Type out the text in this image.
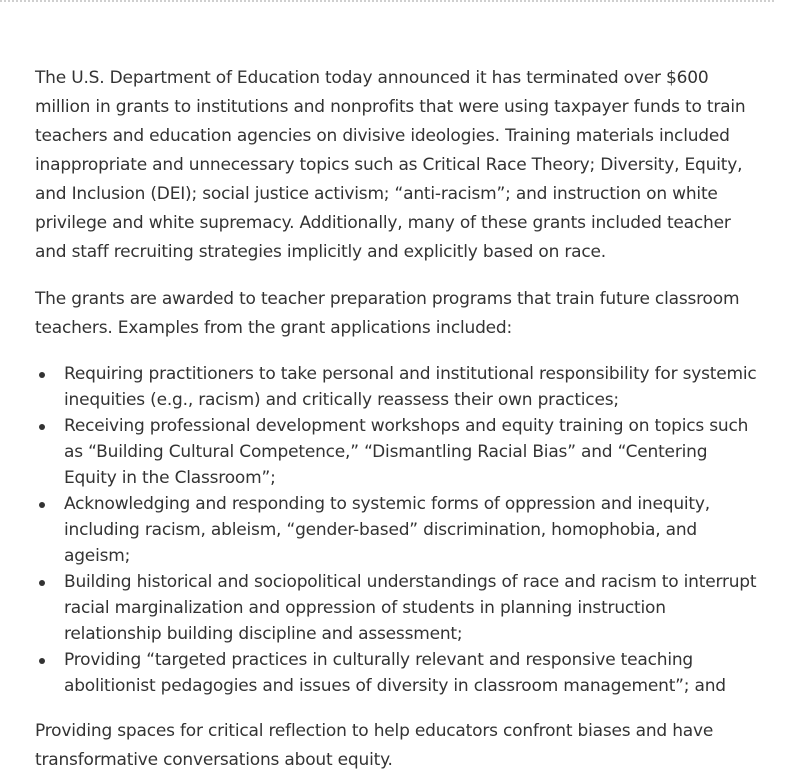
The U.S. Department of Education today announced it has terminated over $600 million in grants to institutions and nonprofits that were using taxpayer funds to train teachers and education agencies on divisive ideologies. Training materials included inappropriate and unnecessary topics such as Critical Race Theory; Diversity, Equity, and Inclusion (DEI); social justice activism; “anti-racism”; and instruction on white privilege and white supremacy. Additionally, many of these grants included teacher and staff recruiting strategies implicitly and explicitly based on race.

The grants are awarded to teacher preparation programs that train future classroom teachers. Examples from the grant applications included:

Requiring practitioners to take personal and institutional responsibility for systemic inequities (e.g., racism) and critically reassess their own practices;
Receiving professional development workshops and equity training on topics such as “Building Cultural Competence,” “Dismantling Racial Bias” and “Centering Equity in the Classroom”;
Acknowledging and responding to systemic forms of oppression and inequity, including racism, ableism, “gender-based” discrimination, homophobia, and ageism;
Building historical and sociopolitical understandings of race and racism to interrupt racial marginalization and oppression of students in planning instruction relationship building discipline and assessment;
Providing “targeted practices in culturally relevant and responsive teaching abolitionist pedagogies and issues of diversity in classroom management”; and

Providing spaces for critical reflection to help educators confront biases and have transformative conversations about equity.
